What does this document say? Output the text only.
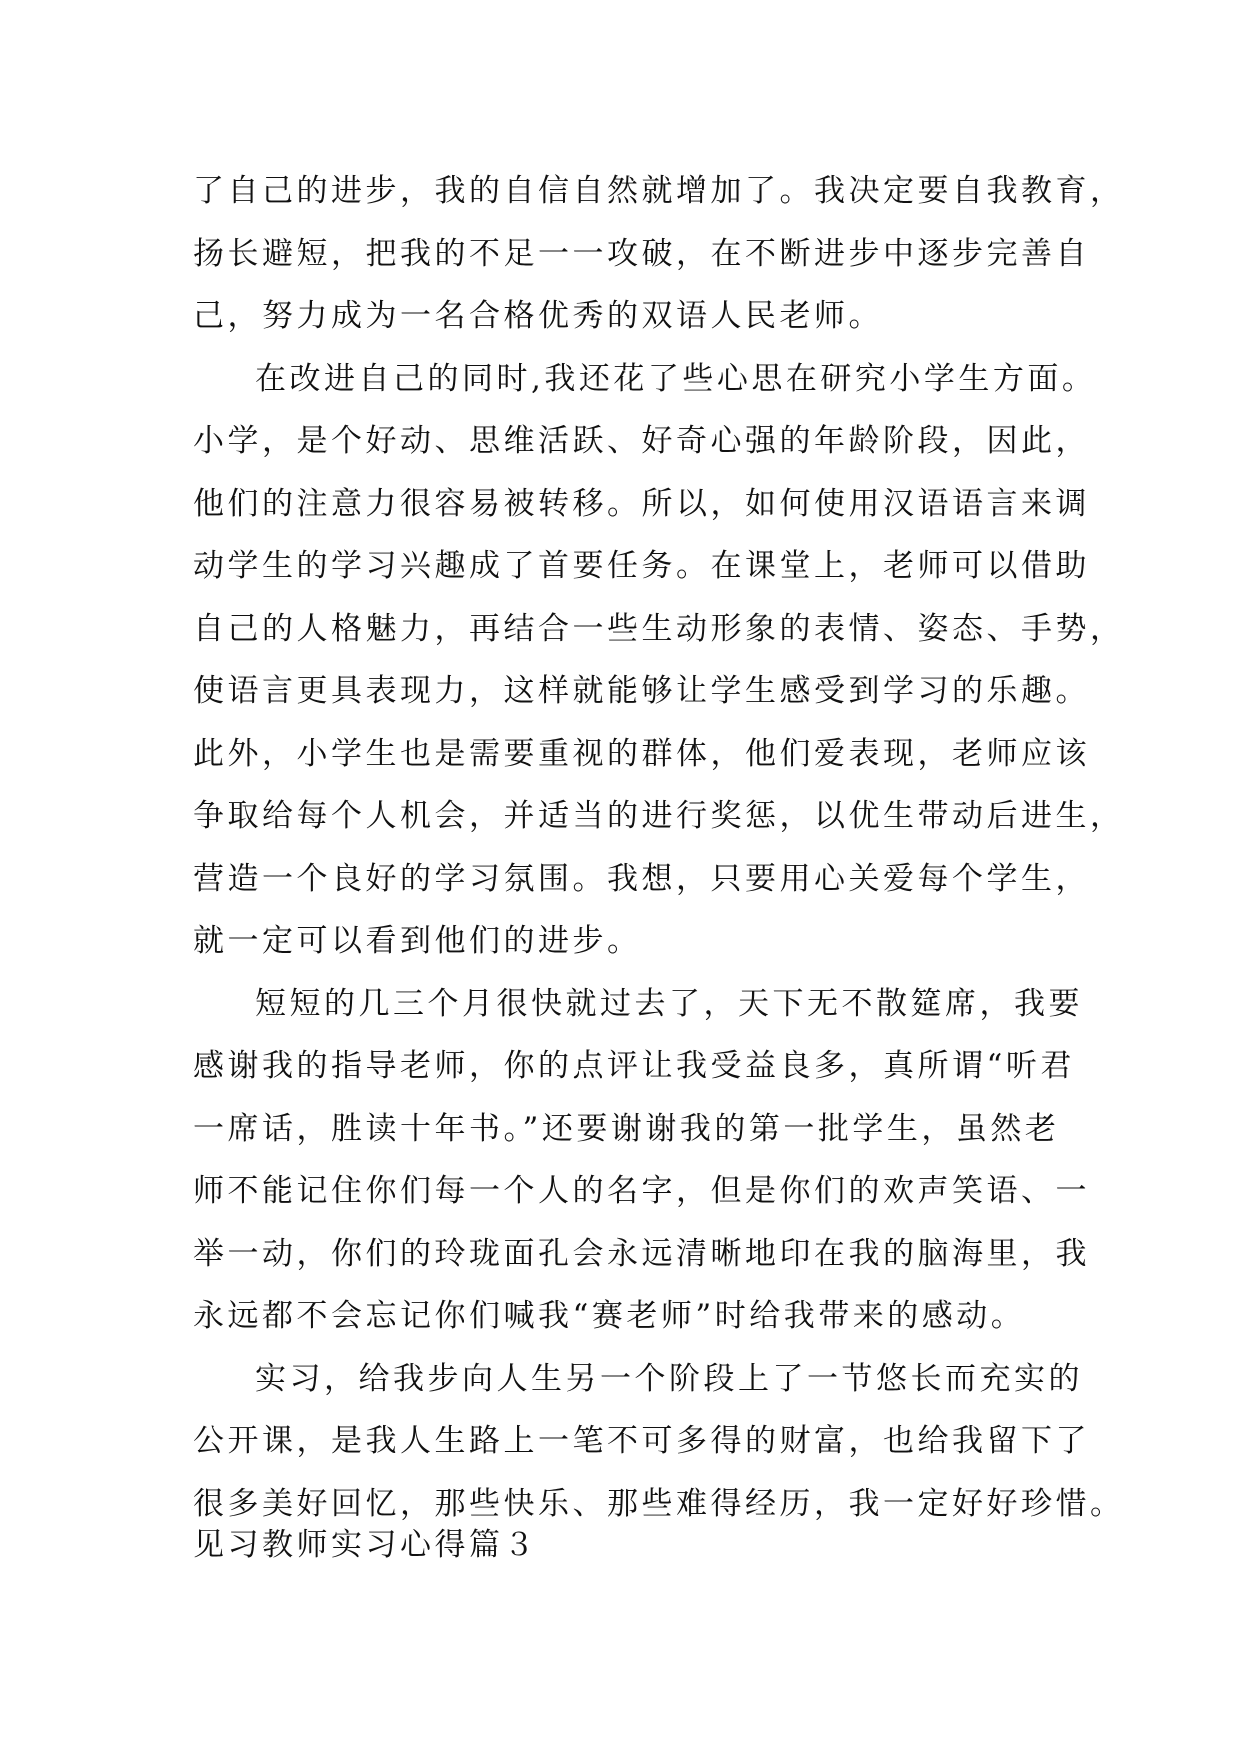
了自己的进步，我的自信自然就增加了。我决定要自我教育，
扬长避短，把我的不足一一攻破，在不断进步中逐步完善自
己，努力成为一名合格优秀的双语人民老师。
在改进自己的同时,我还花了些心思在研究小学生方面。
小学，是个好动、思维活跃、好奇心强的年龄阶段，因此，
他们的注意力很容易被转移。所以，如何使用汉语语言来调
动学生的学习兴趣成了首要任务。在课堂上，老师可以借助
自己的人格魅力，再结合一些生动形象的表情、姿态、手势，
使语言更具表现力，这样就能够让学生感受到学习的乐趣。
此外，小学生也是需要重视的群体，他们爱表现，老师应该
争取给每个人机会，并适当的进行奖惩，以优生带动后进生，
营造一个良好的学习氛围。我想，只要用心关爱每个学生，
就一定可以看到他们的进步。
短短的几三个月很快就过去了，天下无不散筵席，我要
感谢我的指导老师，你的点评让我受益良多，真所谓“听君
一席话，胜读十年书。”还要谢谢我的第一批学生，虽然老
师不能记住你们每一个人的名字，但是你们的欢声笑语、一
举一动，你们的玲珑面孔会永远清晰地印在我的脑海里，我
永远都不会忘记你们喊我“赛老师”时给我带来的感动。
实习，给我步向人生另一个阶段上了一节悠长而充实的
公开课，是我人生路上一笔不可多得的财富，也给我留下了
很多美好回忆，那些快乐、那些难得经历，我一定好好珍惜。
见习教师实习心得篇３
